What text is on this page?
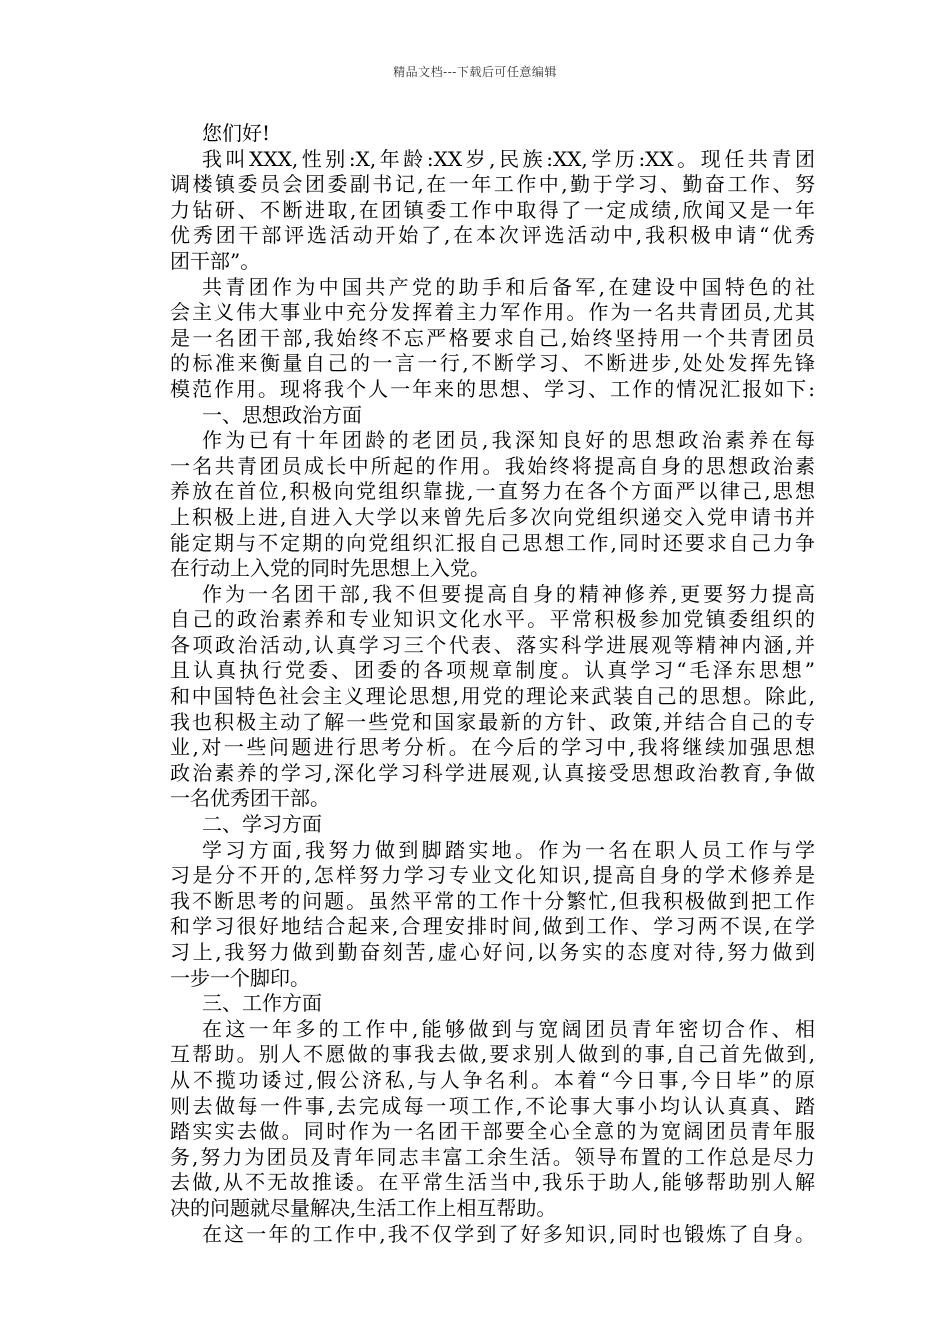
精品文档---下载后可任意编辑
您们好!
我叫XXX,性别:X,年龄:XX岁,民族:XX,学历:XX。现任共青团
调楼镇委员会团委副书记,在一年工作中,勤于学习、勤奋工作、努
力钻研、不断进取,在团镇委工作中取得了一定成绩,欣闻又是一年
优秀团干部评选活动开始了,在本次评选活动中,我积极申请“优秀
团干部”。
共青团作为中国共产党的助手和后备军,在建设中国特色的社
会主义伟大事业中充分发挥着主力军作用。作为一名共青团员,尤其
是一名团干部,我始终不忘严格要求自己,始终坚持用一个共青团员
的标准来衡量自己的一言一行,不断学习、不断进步,处处发挥先锋
模范作用。现将我个人一年来的思想、学习、工作的情况汇报如下:
一、思想政治方面
作为已有十年团龄的老团员,我深知良好的思想政治素养在每
一名共青团员成长中所起的作用。我始终将提高自身的思想政治素
养放在首位,积极向党组织靠拢,一直努力在各个方面严以律己,思想
上积极上进,自进入大学以来曾先后多次向党组织递交入党申请书并
能定期与不定期的向党组织汇报自己思想工作,同时还要求自己力争
在行动上入党的同时先思想上入党。
作为一名团干部,我不但要提高自身的精神修养,更要努力提高
自己的政治素养和专业知识文化水平。平常积极参加党镇委组织的
各项政治活动,认真学习三个代表、落实科学进展观等精神内涵,并
且认真执行党委、团委的各项规章制度。认真学习“毛泽东思想”
和中国特色社会主义理论思想,用党的理论来武装自己的思想。除此,
我也积极主动了解一些党和国家最新的方针、政策,并结合自己的专
业,对一些问题进行思考分析。在今后的学习中,我将继续加强思想
政治素养的学习,深化学习科学进展观,认真接受思想政治教育,争做
一名优秀团干部。
二、学习方面
学习方面,我努力做到脚踏实地。作为一名在职人员工作与学
习是分不开的,怎样努力学习专业文化知识,提高自身的学术修养是
我不断思考的问题。虽然平常的工作十分繁忙,但我积极做到把工作
和学习很好地结合起来,合理安排时间,做到工作、学习两不误,在学
习上,我努力做到勤奋刻苦,虚心好问,以务实的态度对待,努力做到
一步一个脚印。
三、工作方面
在这一年多的工作中,能够做到与宽阔团员青年密切合作、相
互帮助。别人不愿做的事我去做,要求别人做到的事,自己首先做到,
从不揽功诿过,假公济私,与人争名利。本着“今日事,今日毕”的原
则去做每一件事,去完成每一项工作,不论事大事小均认认真真、踏
踏实实去做。同时作为一名团干部要全心全意的为宽阔团员青年服
务,努力为团员及青年同志丰富工余生活。领导布置的工作总是尽力
去做,从不无故推诿。在平常生活当中,我乐于助人,能够帮助别人解
决的问题就尽量解决,生活工作上相互帮助。
在这一年的工作中,我不仅学到了好多知识,同时也锻炼了自身。
